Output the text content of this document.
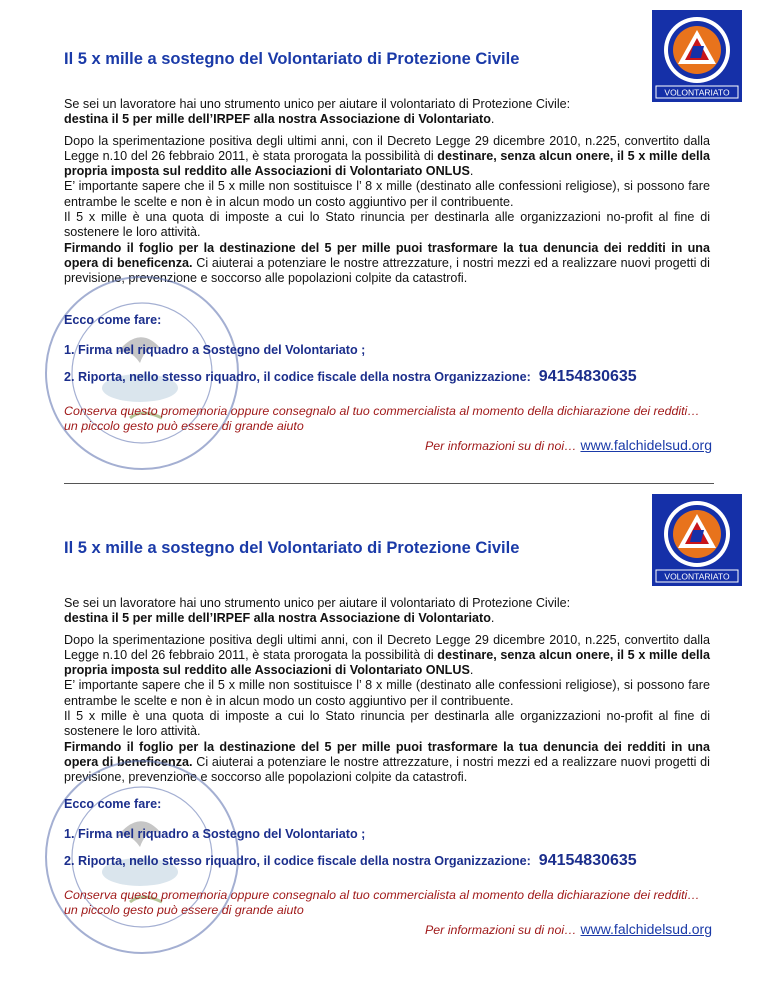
VOLONTARIATO
Il 5 x mille a sostegno del Volontariato di Protezione Civile

Se sei un lavoratore hai uno strumento unico per aiutare il volontariato di Protezione Civile:
destina il 5 per mille dell’IRPEF alla nostra Associazione di Volontariato.

Dopo la sperimentazione positiva degli ultimi anni, con il Decreto Legge 29 dicembre 2010, n.225, convertito dalla Legge n.10 del 26 febbraio 2011, è stata prorogata la possibilità di destinare, senza alcun onere, il 5 x mille della propria imposta sul reddito alle Associazioni di Volontariato ONLUS.

E’ importante sapere che il 5 x mille non sostituisce l’ 8 x mille (destinato alle confessioni religiose), si possono fare entrambe le scelte e non è in alcun modo un costo aggiuntivo per il contribuente.

Il 5 x mille è una quota di imposte a cui lo Stato rinuncia per destinarla alle organizzazioni no-profit al fine di sostenere le loro attività.

Firmando il foglio per la destinazione del 5 per mille puoi trasformare la tua denuncia dei redditi in una opera di beneficenza. Ci aiuterai a potenziare le nostre attrezzature, i nostri mezzi ed a realizzare nuovi progetti di previsione, prevenzione e soccorso alle popolazioni colpite da catastrofi.

Ecco come fare:
1. Firma nel riquadro a Sostegno del Volontariato ;
2. Riporta, nello stesso riquadro, il codice fiscale della nostra Organizzazione: 94154830635
Conserva questo promemoria oppure consegnalo al tuo commercialista al momento della dichiarazione dei redditi… un piccolo gesto può essere di grande aiuto
Per informazioni su di noi… www.falchidelsud.org
VOLONTARIATO
Il 5 x mille a sostegno del Volontariato di Protezione Civile

Se sei un lavoratore hai uno strumento unico per aiutare il volontariato di Protezione Civile:
destina il 5 per mille dell’IRPEF alla nostra Associazione di Volontariato.

Dopo la sperimentazione positiva degli ultimi anni, con il Decreto Legge 29 dicembre 2010, n.225, convertito dalla Legge n.10 del 26 febbraio 2011, è stata prorogata la possibilità di destinare, senza alcun onere, il 5 x mille della propria imposta sul reddito alle Associazioni di Volontariato ONLUS.

E’ importante sapere che il 5 x mille non sostituisce l’ 8 x mille (destinato alle confessioni religiose), si possono fare entrambe le scelte e non è in alcun modo un costo aggiuntivo per il contribuente.

Il 5 x mille è una quota di imposte a cui lo Stato rinuncia per destinarla alle organizzazioni no-profit al fine di sostenere le loro attività.

Firmando il foglio per la destinazione del 5 per mille puoi trasformare la tua denuncia dei redditi in una opera di beneficenza. Ci aiuterai a potenziare le nostre attrezzature, i nostri mezzi ed a realizzare nuovi progetti di previsione, prevenzione e soccorso alle popolazioni colpite da catastrofi.

Ecco come fare:
1. Firma nel riquadro a Sostegno del Volontariato ;
2. Riporta, nello stesso riquadro, il codice fiscale della nostra Organizzazione: 94154830635
Conserva questo promemoria oppure consegnalo al tuo commercialista al momento della dichiarazione dei redditi… un piccolo gesto può essere di grande aiuto
Per informazioni su di noi… www.falchidelsud.org
